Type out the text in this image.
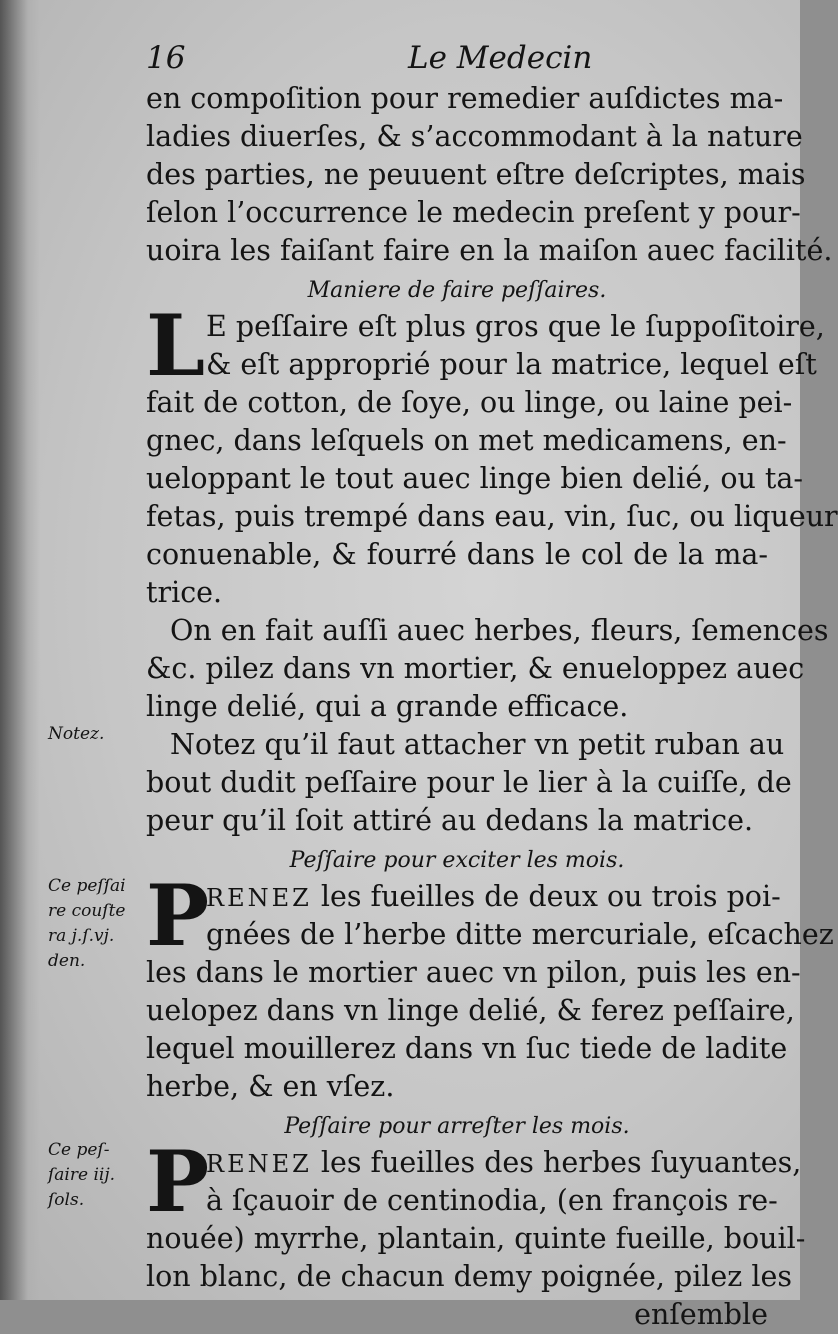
16	Le Medecin
Notez.
Ce peſſai
re couſte
ra j.ſ.vj.
den.
Ce peſ-
ſaire iij.
ſols.
en compoſition pour remedier auſdictes ma-
ladies diuerſes, & s’accommodant à la nature
des parties, ne peuuent eſtre deſcriptes, mais
ſelon l’occurrence le medecin preſent y pour-
uoira les faiſant faire en la maiſon auec facilité.
Maniere de faire peſſaires.
L E peſſaire eſt plus gros que le ſuppoſitoire,
& eſt approprié pour la matrice, lequel eſt
fait de cotton, de ſoye, ou linge, ou laine pei-
gnec, dans leſquels on met medicamens, en-
ueloppant le tout auec linge bien delié, ou ta-
fetas, puis trempé dans eau, vin, ſuc, ou liqueur
conuenable, & fourré dans le col de la ma-
trice.
On en fait auſſi auec herbes, fleurs, ſemences
&c. pilez dans vn mortier, & enueloppez auec
linge delié, qui a grande efficace.
Notez qu’il faut attacher vn petit ruban au
bout dudit peſſaire pour le lier à la cuiſſe, de
peur qu’il ſoit attiré au dedans la matrice.
Peſſaire pour exciter les mois.
P
RENEZ les fueilles de deux ou trois poi-
gnées de l’herbe ditte mercuriale, eſcachez
les dans le mortier auec vn pilon, puis les en-
uelopez dans vn linge delié, & ferez peſſaire,
lequel mouillerez dans vn ſuc tiede de ladite
herbe, & en vſez.
Peſſaire pour arreſter les mois.
P
RENEZ les fueilles des herbes ſuyuantes,
à ſçauoir de centinodia, (en françois re-
nouée) myrrhe, plantain, quinte fueille, bouil-
lon blanc, de chacun demy poignée, pilez les
enſemble
